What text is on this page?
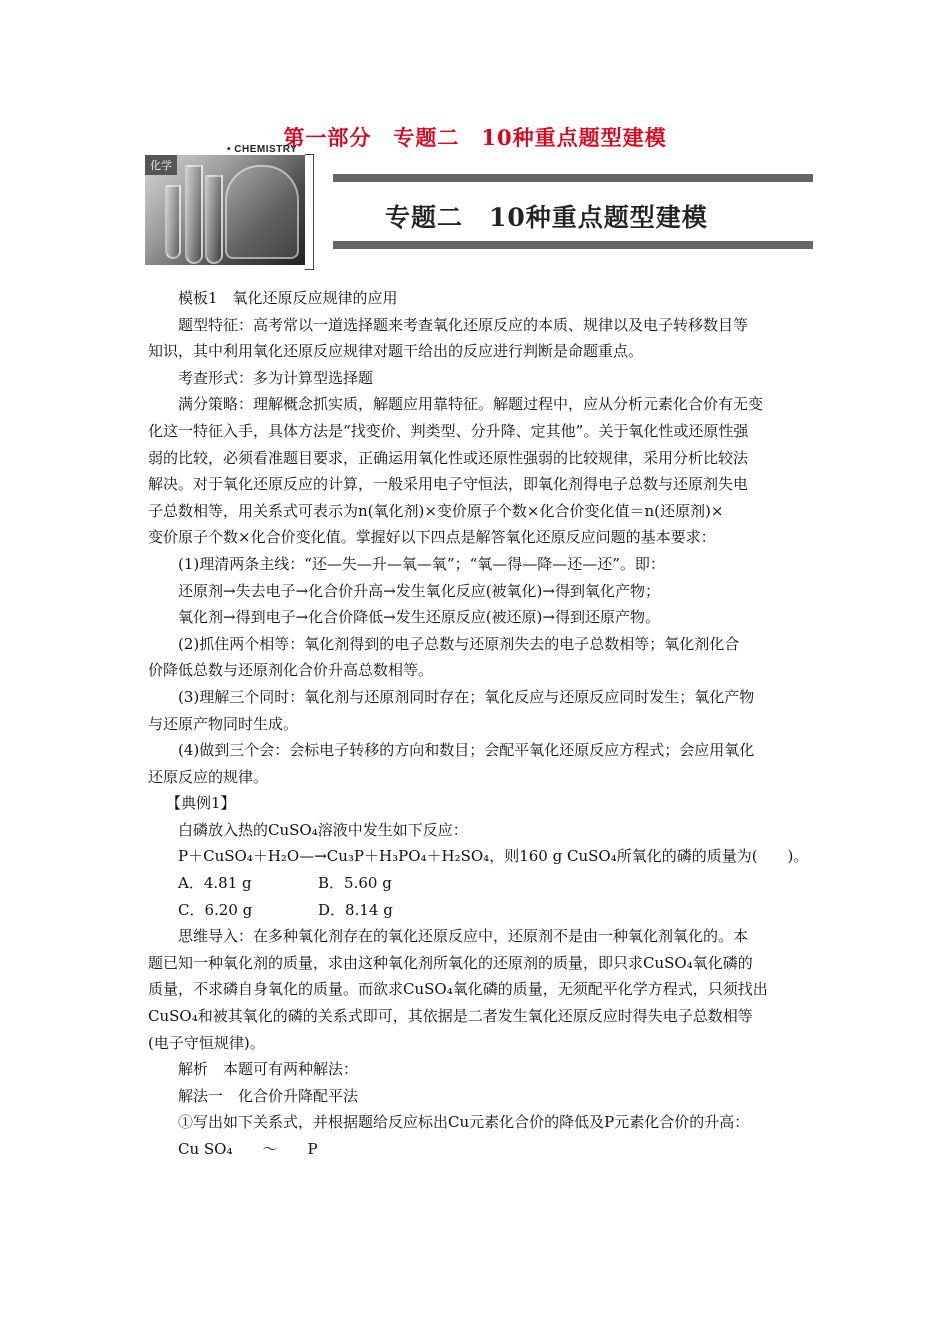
第一部分　专题二　10种重点题型建模
• CHEMISTRY
化学
专题二　10种重点题型建模

模板1　氧化还原反应规律的应用

题型特征：高考常以一道选择题来考查氧化还原反应的本质、规律以及电子转移数目等

知识，其中利用氧化还原反应规律对题干给出的反应进行判断是命题重点。

考查形式：多为计算型选择题

满分策略：理解概念抓实质，解题应用靠特征。解题过程中，应从分析元素化合价有无变

化这一特征入手，具体方法是“找变价、判类型、分升降、定其他”。关于氧化性或还原性强

弱的比较，必须看准题目要求，正确运用氧化性或还原性强弱的比较规律，采用分析比较法

解决。对于氧化还原反应的计算，一般采用电子守恒法，即氧化剂得电子总数与还原剂失电

子总数相等，用关系式可表示为n(氧化剂)×变价原子个数×化合价变化值＝n(还原剂)×

变价原子个数×化合价变化值。掌握好以下四点是解答氧化还原反应问题的基本要求：

(1)理清两条主线：“还—失—升—氧—氧”；“氧—得—降—还—还”。即：

还原剂→失去电子→化合价升高→发生氧化反应(被氧化)→得到氧化产物；

氧化剂→得到电子→化合价降低→发生还原反应(被还原)→得到还原产物。

(2)抓住两个相等：氧化剂得到的电子总数与还原剂失去的电子总数相等；氧化剂化合

价降低总数与还原剂化合价升高总数相等。

(3)理解三个同时：氧化剂与还原剂同时存在；氧化反应与还原反应同时发生；氧化产物

与还原产物同时生成。

(4)做到三个会：会标电子转移的方向和数目；会配平氧化还原反应方程式；会应用氧化

还原反应的规律。

【典例1】

白磷放入热的CuSO₄溶液中发生如下反应：

P＋CuSO₄＋H₂O—→Cu₃P＋H₃PO₄＋H₂SO₄，则160 g CuSO₄所氧化的磷的质量为(　　)。

A．4.81 g	B．5.60 g

C．6.20 g	D．8.14 g

思维导入：在多种氧化剂存在的氧化还原反应中，还原剂不是由一种氧化剂氧化的。本

题已知一种氧化剂的质量，求由这种氧化剂所氧化的还原剂的质量，即只求CuSO₄氧化磷的

质量，不求磷自身氧化的质量。而欲求CuSO₄氧化磷的质量，无须配平化学方程式，只须找出

CuSO₄和被其氧化的磷的关系式即可，其依据是二者发生氧化还原反应时得失电子总数相等

(电子守恒规律)。

解析　本题可有两种解法：

解法一　化合价升降配平法

①写出如下关系式，并根据题给反应标出Cu元素化合价的降低及P元素化合价的升高：

Cu SO₄　　～　　P
